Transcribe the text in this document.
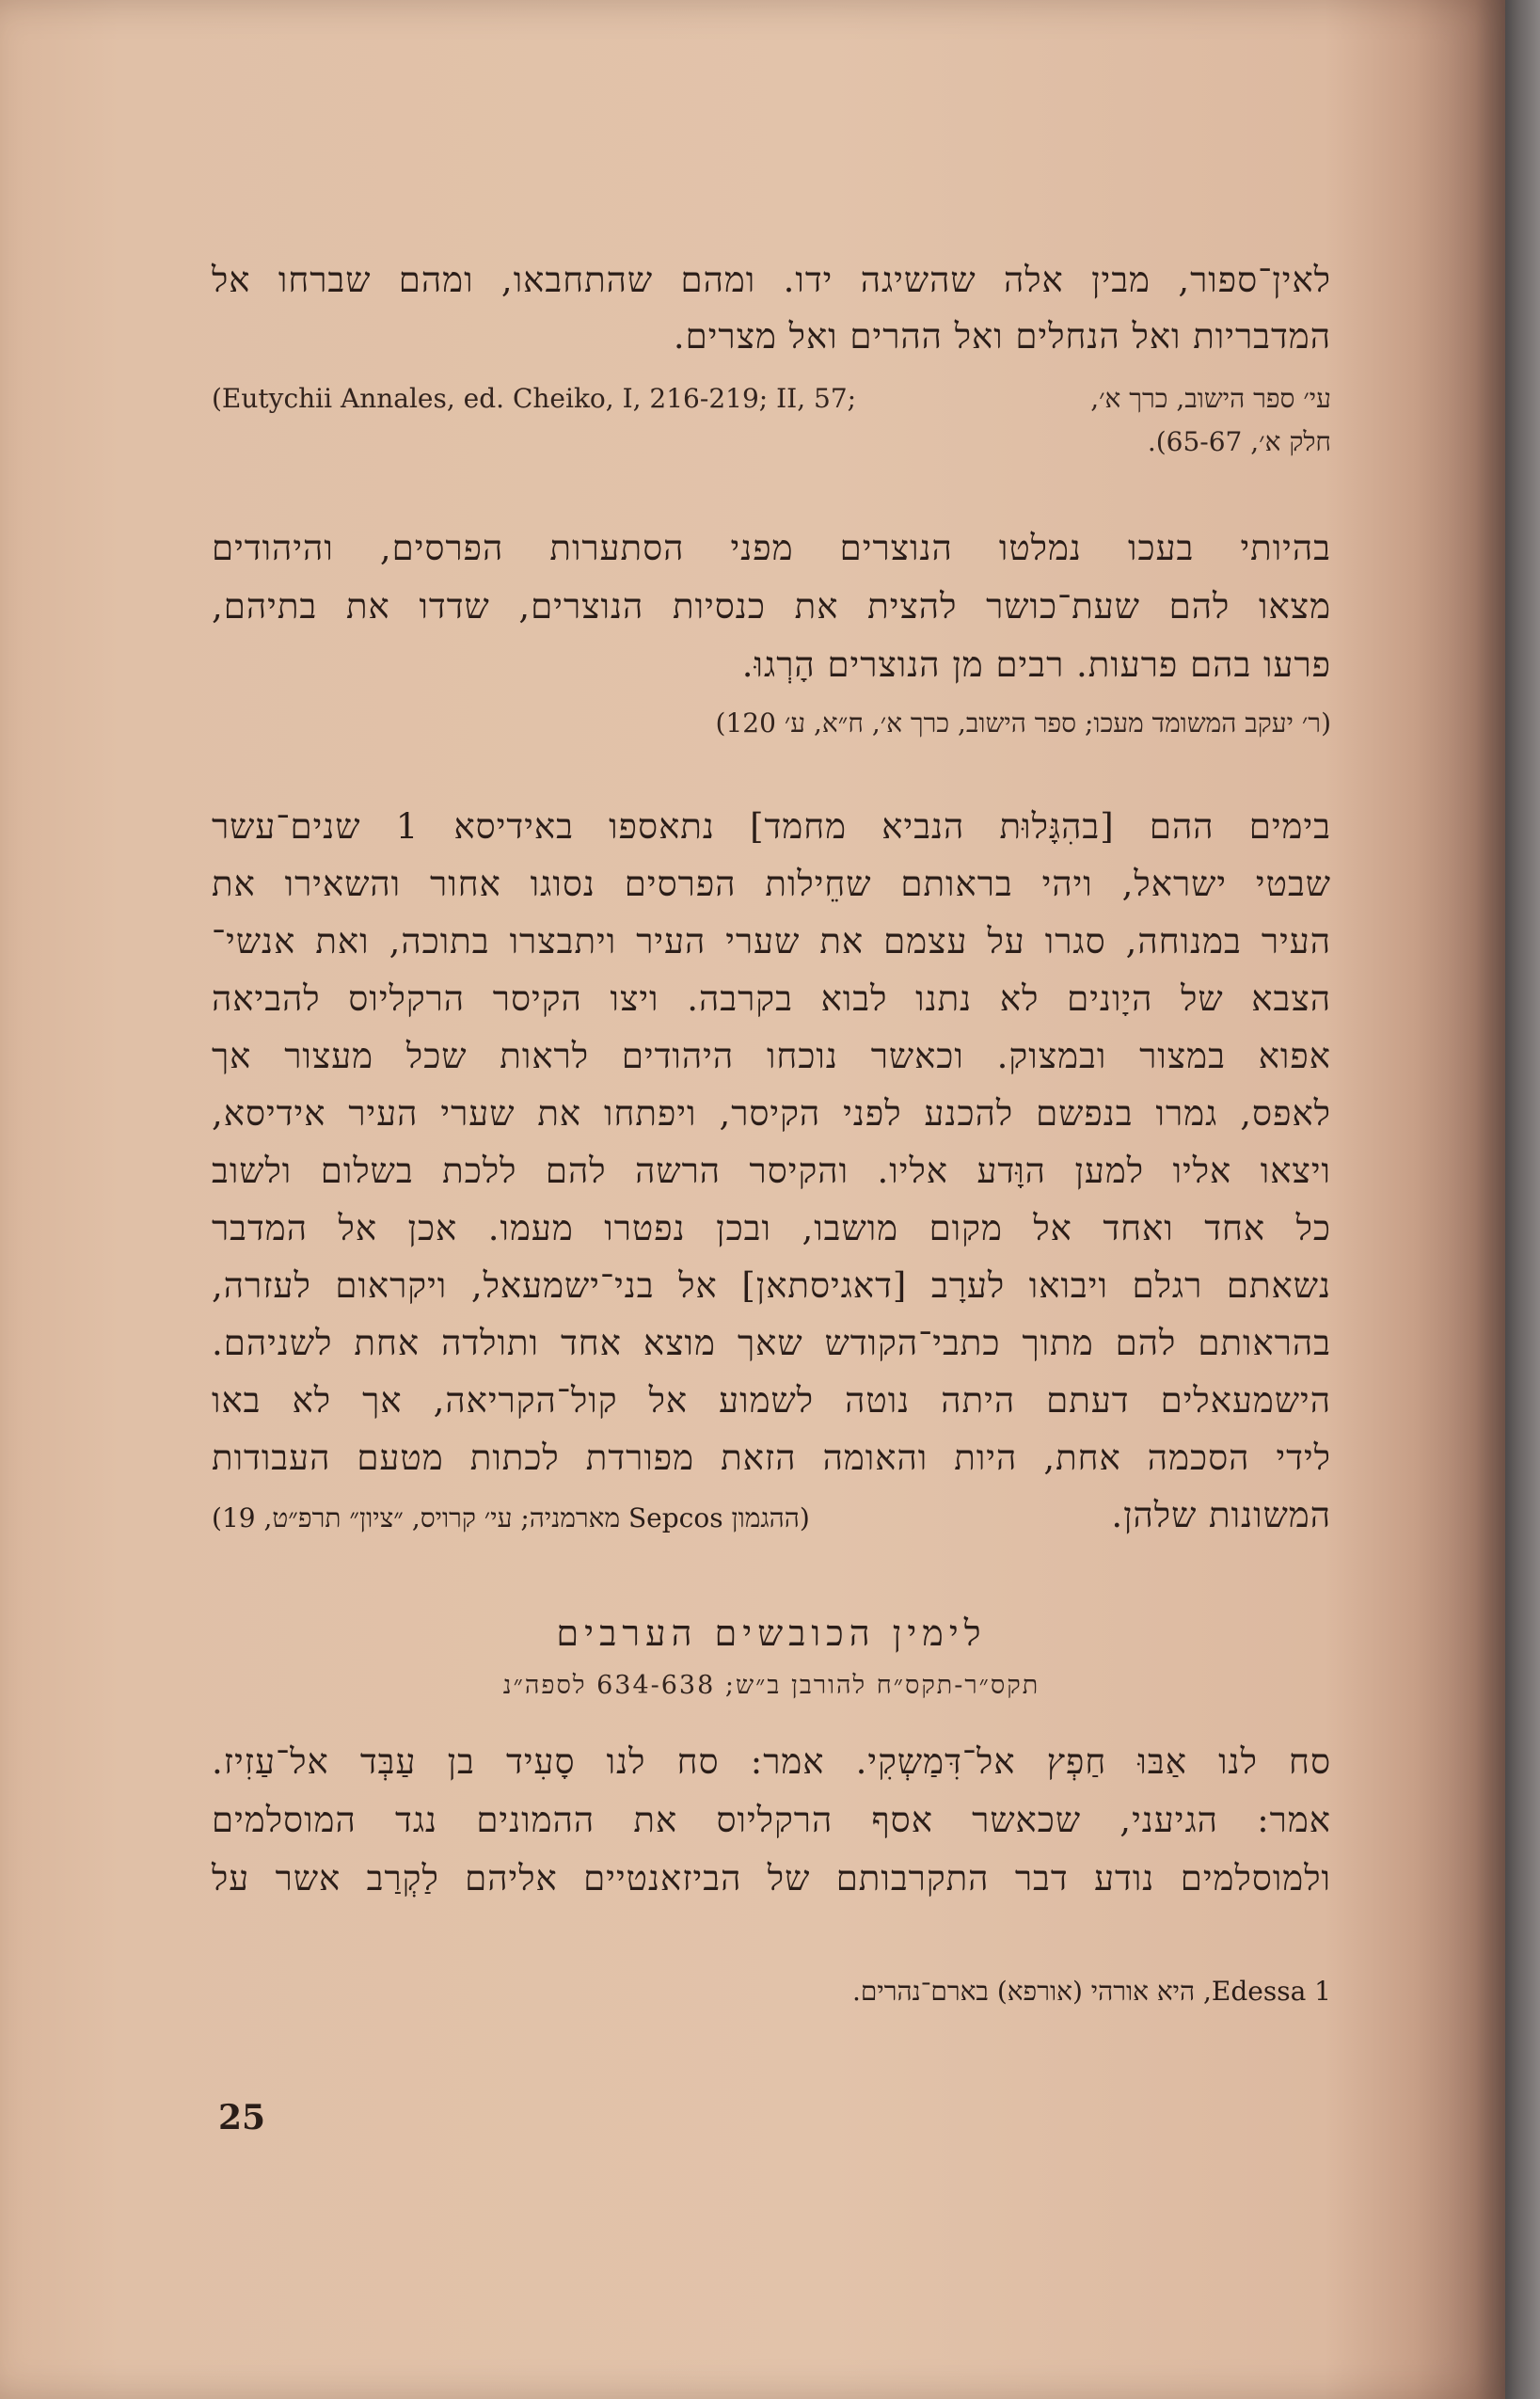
לאין־ספור, מבין אלה שהשיגה ידו. ומהם שהתחבאו, ומהם שברחו אל
המדבריות ואל הנחלים ואל ההרים ואל מצרים.
עי׳ ספר הישוב, כרך א׳,
(Eutychii Annales, ed. Cheiko, I, 216-219; II, 57;
חלק א׳, 65-67).
בהיותי בעכו נמלטו הנוצרים מפני הסתערות הפרסים, והיהודים
מצאו להם שעת־כושר להצית את כנסיות הנוצרים, שדדו את בתיהם,
פרעו בהם פרעות. רבים מן הנוצרים הָרְגוּ.
(ר׳ יעקב המשומד מעכו; ספר הישוב, כרך א׳, ח״א, ע׳ 120)
בימים ההם [בהִגָּלוּת הנביא מחמד] נתאספו באידיסא 1 שנים־עשר
שבטי ישראל, ויהי בראותם שחֵילות הפרסים נסוגו אחור והשאירו את
העיר במנוחה, סגרו על עצמם את שערי העיר ויתבצרו בתוכה, ואת אנשי־
הצבא של היָונים לא נתנו לבוא בקרבה. ויצו הקיסר הרקליוס להביאה
אפוא במצור ובמצוק. וכאשר נוכחו היהודים לראות שכל מעצור אך
לאפס, גמרו בנפשם להכנע לפני הקיסר, ויפתחו את שערי העיר אידיסא,
ויצאו אליו למען הוָּדע אליו. והקיסר הרשה להם ללכת בשלום ולשוב
כל אחד ואחד אל מקום מושבו, ובכן נפטרו מעמו. אכן אל המדבר
נשאתם רגלם ויבואו לערָב [דאגיסתאן] אל בני־ישמעאל, ויקראום לעזרה,
בהראותם להם מתוך כתבי־הקודש שאך מוצא אחד ותולדה אחת לשניהם.
הישמעאלים דעתם היתה נוטה לשמוע אל קול־הקריאה, אך לא באו
לידי הסכמה אחת, היות והאומה הזאת מפורדת לכתות מטעם העבודות
המשונות שלהן.
(ההגמון Sepcos מארמניה; עי׳ קרויס, ״ציון״ תרפ״ט, 19)
לימין הכובשים הערבים
תקס״ר-תקס״ח להורבן ב״ש; 634-638 לספה״נ
סח לנו אַבּוּ חַפְץ אל־דִּמַשְקִי. אמר: סח לנו סָעִיד בן עַבְּד אל־עַזִיז.
אמר: הגיעני, שכאשר אסף הרקליוס את ההמונים נגד המוסלמים
ולמוסלמים נודע דבר התקרבותם של הביזאנטיים אליהם לַקְרַב אשר על
1 Edessa, היא אורהי (אורפא) בארם־נהרים.
25
